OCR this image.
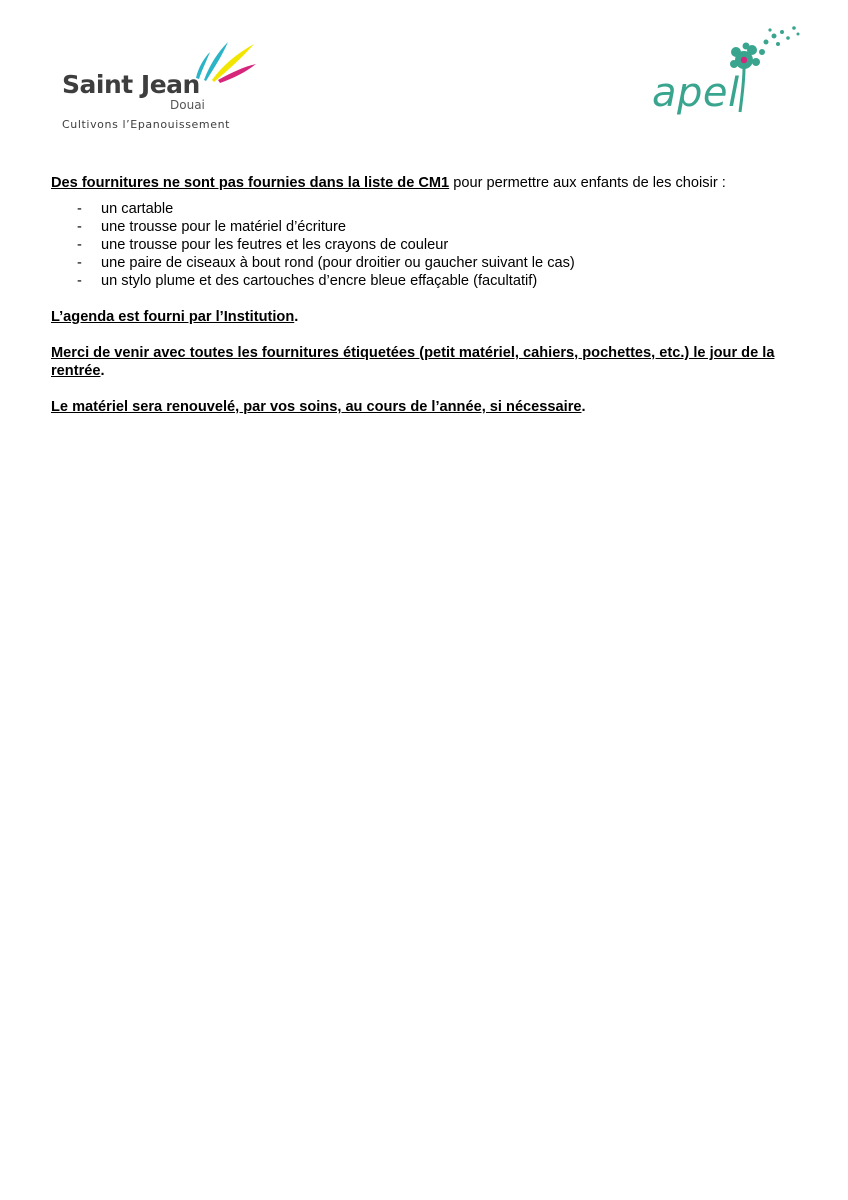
Saint Jean
Douai
Cultivons l’Epanouissement
apel

Des fournitures ne sont pas fournies dans la liste de CM1 pour permettre aux enfants de les choisir :

- un cartable
- une trousse pour le matériel d’écriture
- une trousse pour les feutres et les crayons de couleur
- une paire de ciseaux à bout rond (pour droitier ou gaucher suivant le cas)
- un stylo plume et des cartouches d’encre bleue effaçable (facultatif)

L’agenda est fourni par l’Institution.

Merci de venir avec toutes les fournitures étiquetées (petit matériel, cahiers, pochettes, etc.) le jour de la rentrée.

Le matériel sera renouvelé, par vos soins, au cours de l’année, si nécessaire.
